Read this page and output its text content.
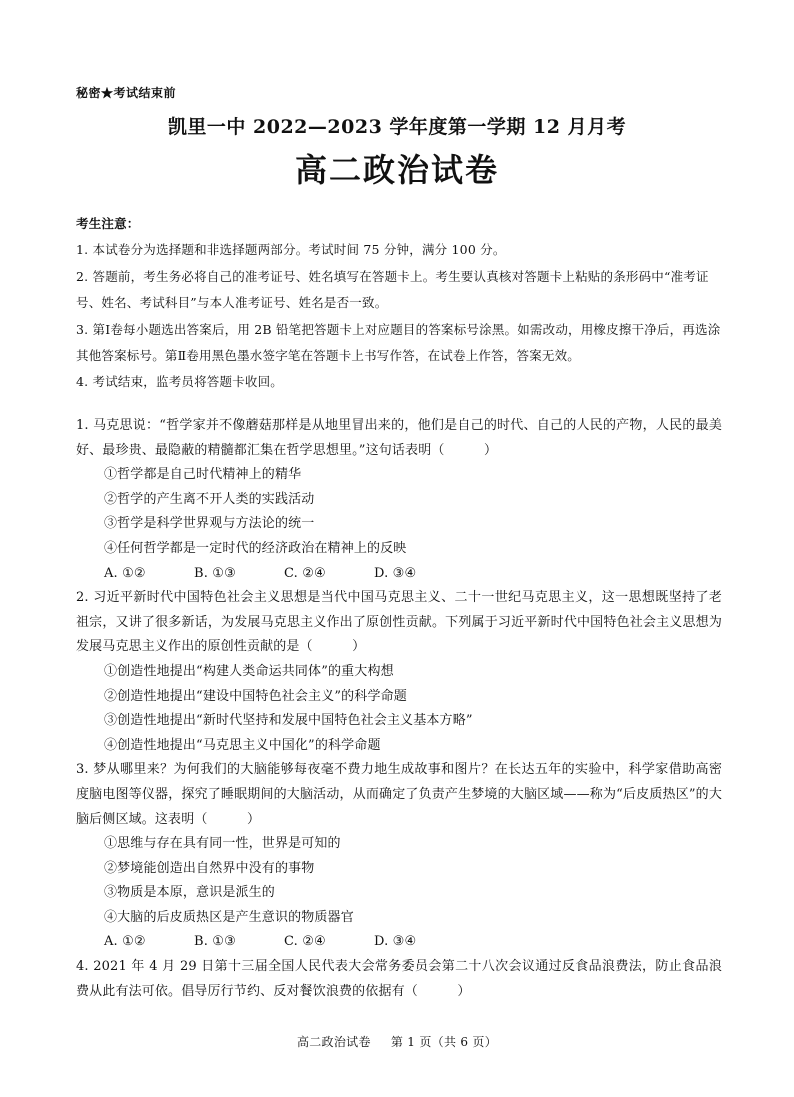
秘密★考试结束前
凯里一中 2022—2023 学年度第一学期 12 月月考
高二政治试卷

考生注意：

1. 本试卷分为选择题和非选择题两部分。考试时间 75 分钟，满分 100 分。

2. 答题前，考生务必将自己的准考证号、姓名填写在答题卡上。考生要认真核对答题卡上粘贴的条形码中“准考证号、姓名、考试科目”与本人准考证号、姓名是否一致。

3. 第Ⅰ卷每小题选出答案后，用 2B 铅笔把答题卡上对应题目的答案标号涂黑。如需改动，用橡皮擦干净后，再选涂其他答案标号。第Ⅱ卷用黑色墨水签字笔在答题卡上书写作答，在试卷上作答，答案无效。

4. 考试结束，监考员将答题卡收回。

1. 马克思说：“哲学家并不像蘑菇那样是从地里冒出来的，他们是自己的时代、自己的人民的产物，人民的最美好、最珍贵、最隐蔽的精髓都汇集在哲学思想里。”这句话表明（　　　）

①哲学都是自己时代精神上的精华

②哲学的产生离不开人类的实践活动

③哲学是科学世界观与方法论的统一

④任何哲学都是一定时代的经济政治在精神上的反映

A. ①②	B. ①③	C. ②④	D. ③④

2. 习近平新时代中国特色社会主义思想是当代中国马克思主义、二十一世纪马克思主义，这一思想既坚持了老祖宗，又讲了很多新话，为发展马克思主义作出了原创性贡献。下列属于习近平新时代中国特色社会主义思想为发展马克思主义作出的原创性贡献的是（　　　）

①创造性地提出“构建人类命运共同体”的重大构想

②创造性地提出“建设中国特色社会主义”的科学命题

③创造性地提出“新时代坚持和发展中国特色社会主义基本方略”

④创造性地提出“马克思主义中国化”的科学命题

3. 梦从哪里来？为何我们的大脑能够每夜毫不费力地生成故事和图片？在长达五年的实验中，科学家借助高密度脑电图等仪器，探究了睡眠期间的大脑活动，从而确定了负责产生梦境的大脑区域——称为“后皮质热区”的大脑后侧区域。这表明（　　　）

①思维与存在具有同一性，世界是可知的

②梦境能创造出自然界中没有的事物

③物质是本原，意识是派生的

④大脑的后皮质热区是产生意识的物质器官

A. ①②	B. ①③	C. ②④	D. ③④

4. 2021 年 4 月 29 日第十三届全国人民代表大会常务委员会第二十八次会议通过反食品浪费法，防止食品浪费从此有法可依。倡导厉行节约、反对餐饮浪费的依据有（　　　）

高二政治试卷 第 1 页（共 6 页）
